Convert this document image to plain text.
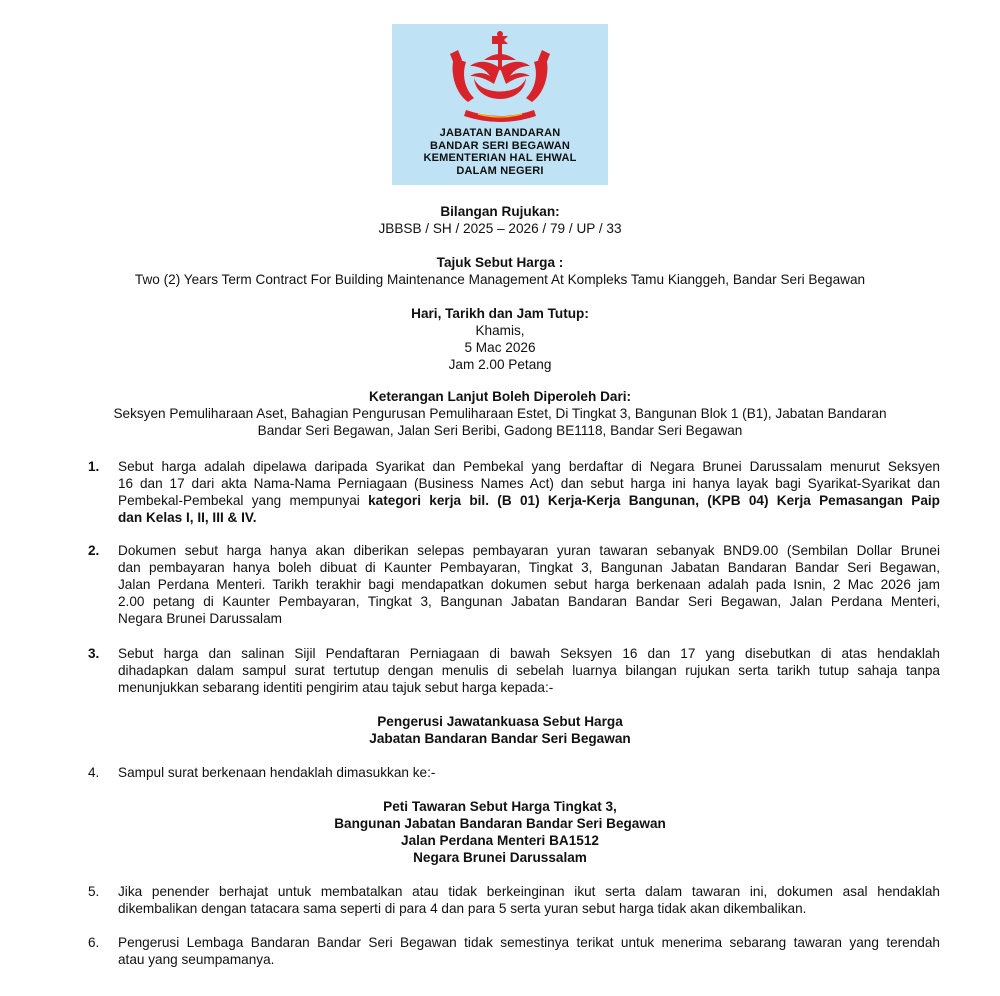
JABATAN BANDARAN
BANDAR SERI BEGAWAN
KEMENTERIAN HAL EHWAL
DALAM NEGERI
Bilangan Rujukan:
JBBSB / SH / 2025 – 2026 / 79 / UP / 33
Tajuk Sebut Harga :
Two (2) Years Term Contract For Building Maintenance Management At Kompleks Tamu Kianggeh, Bandar Seri Begawan
Hari, Tarikh dan Jam Tutup:
Khamis,
5 Mac 2026
Jam 2.00 Petang
Keterangan Lanjut Boleh Diperoleh Dari:
Seksyen Pemuliharaan Aset, Bahagian Pengurusan Pemuliharaan Estet, Di Tingkat 3, Bangunan Blok 1 (B1), Jabatan Bandaran
Bandar Seri Begawan, Jalan Seri Beribi, Gadong BE1118, Bandar Seri Begawan
1.	Sebut harga adalah dipelawa daripada Syarikat dan Pembekal yang berdaftar di Negara Brunei Darussalam menurut Seksyen
16 dan 17 dari akta Nama-Nama Perniagaan (Business Names Act) dan sebut harga ini hanya layak bagi Syarikat-Syarikat dan
Pembekal-Pembekal yang mempunyai kategori kerja bil. (B 01) Kerja-Kerja Bangunan, (KPB 04) Kerja Pemasangan Paip
dan Kelas I, II, III & IV.
2.	Dokumen sebut harga hanya akan diberikan selepas pembayaran yuran tawaran sebanyak BND9.00 (Sembilan Dollar Brunei
dan pembayaran hanya boleh dibuat di Kaunter Pembayaran, Tingkat 3, Bangunan Jabatan Bandaran Bandar Seri Begawan,
Jalan Perdana Menteri. Tarikh terakhir bagi mendapatkan dokumen sebut harga berkenaan adalah pada Isnin, 2 Mac 2026 jam
2.00 petang di Kaunter Pembayaran, Tingkat 3, Bangunan Jabatan Bandaran Bandar Seri Begawan, Jalan Perdana Menteri,
Negara Brunei Darussalam
3.	Sebut harga dan salinan Sijil Pendaftaran Perniagaan di bawah Seksyen 16 dan 17 yang disebutkan di atas hendaklah
dihadapkan dalam sampul surat tertutup dengan menulis di sebelah luarnya bilangan rujukan serta tarikh tutup sahaja tanpa
menunjukkan sebarang identiti pengirim atau tajuk sebut harga kepada:-
Pengerusi Jawatankuasa Sebut Harga
Jabatan Bandaran Bandar Seri Begawan
4.	Sampul surat berkenaan hendaklah dimasukkan ke:-
Peti Tawaran Sebut Harga Tingkat 3,
Bangunan Jabatan Bandaran Bandar Seri Begawan
Jalan Perdana Menteri BA1512
Negara Brunei Darussalam
5.	Jika penender berhajat untuk membatalkan atau tidak berkeinginan ikut serta dalam tawaran ini, dokumen asal hendaklah
dikembalikan dengan tatacara sama seperti di para 4 dan para 5 serta yuran sebut harga tidak akan dikembalikan.
6.	Pengerusi Lembaga Bandaran Bandar Seri Begawan tidak semestinya terikat untuk menerima sebarang tawaran yang terendah
atau yang seumpamanya.
